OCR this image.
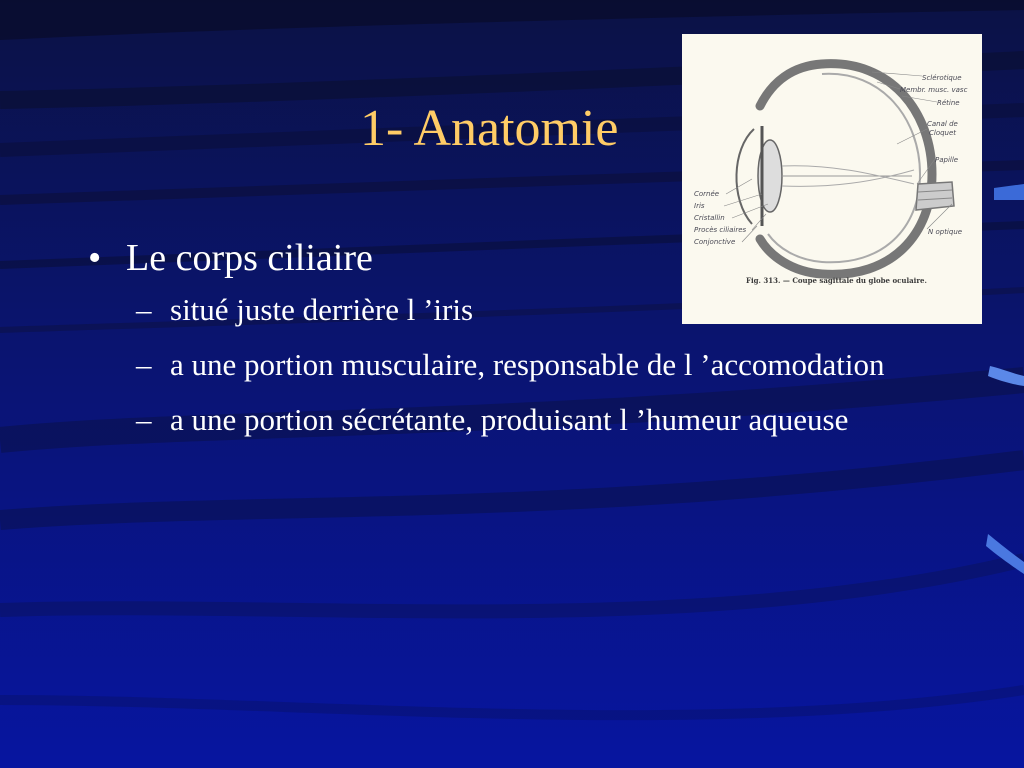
1- Anatomie
• Le corps ciliaire
– situé juste derrière l ’iris
– a une portion musculaire, responsable de l ’accomodation
– a une portion sécrétante, produisant l ’humeur aqueuse
Sclérotique
Membr. musc. vasc
Rétine
Canal de
Cloquet
Papille
N optique
Cornée
Iris
Cristallin
Procès ciliaires
Conjonctive
Fig. 313. — Coupe sagittale du globe oculaire.
